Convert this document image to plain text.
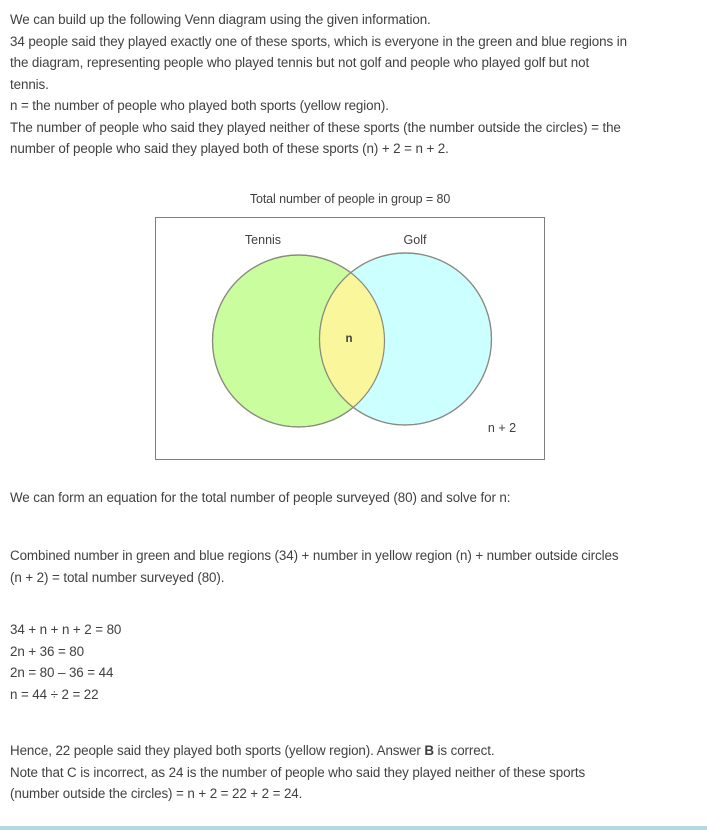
We can build up the following Venn diagram using the given information.
34 people said they played exactly one of these sports, which is everyone in the green and blue regions in
the diagram, representing people who played tennis but not golf and people who played golf but not
tennis.
n = the number of people who played both sports (yellow region).
The number of people who said they played neither of these sports (the number outside the circles) = the
number of people who said they played both of these sports (n) + 2 = n + 2.
Total number of people in group = 80
Tennis	Golf
n
n + 2
We can form an equation for the total number of people surveyed (80) and solve for n:
Combined number in green and blue regions (34) + number in yellow region (n) + number outside circles
(n + 2) = total number surveyed (80).
34 + n + n + 2 = 80
2n + 36 = 80
2n = 80 – 36 = 44
n = 44 ÷ 2 = 22
Hence, 22 people said they played both sports (yellow region). Answer B is correct.
Note that C is incorrect, as 24 is the number of people who said they played neither of these sports
(number outside the circles) = n + 2 = 22 + 2 = 24.
